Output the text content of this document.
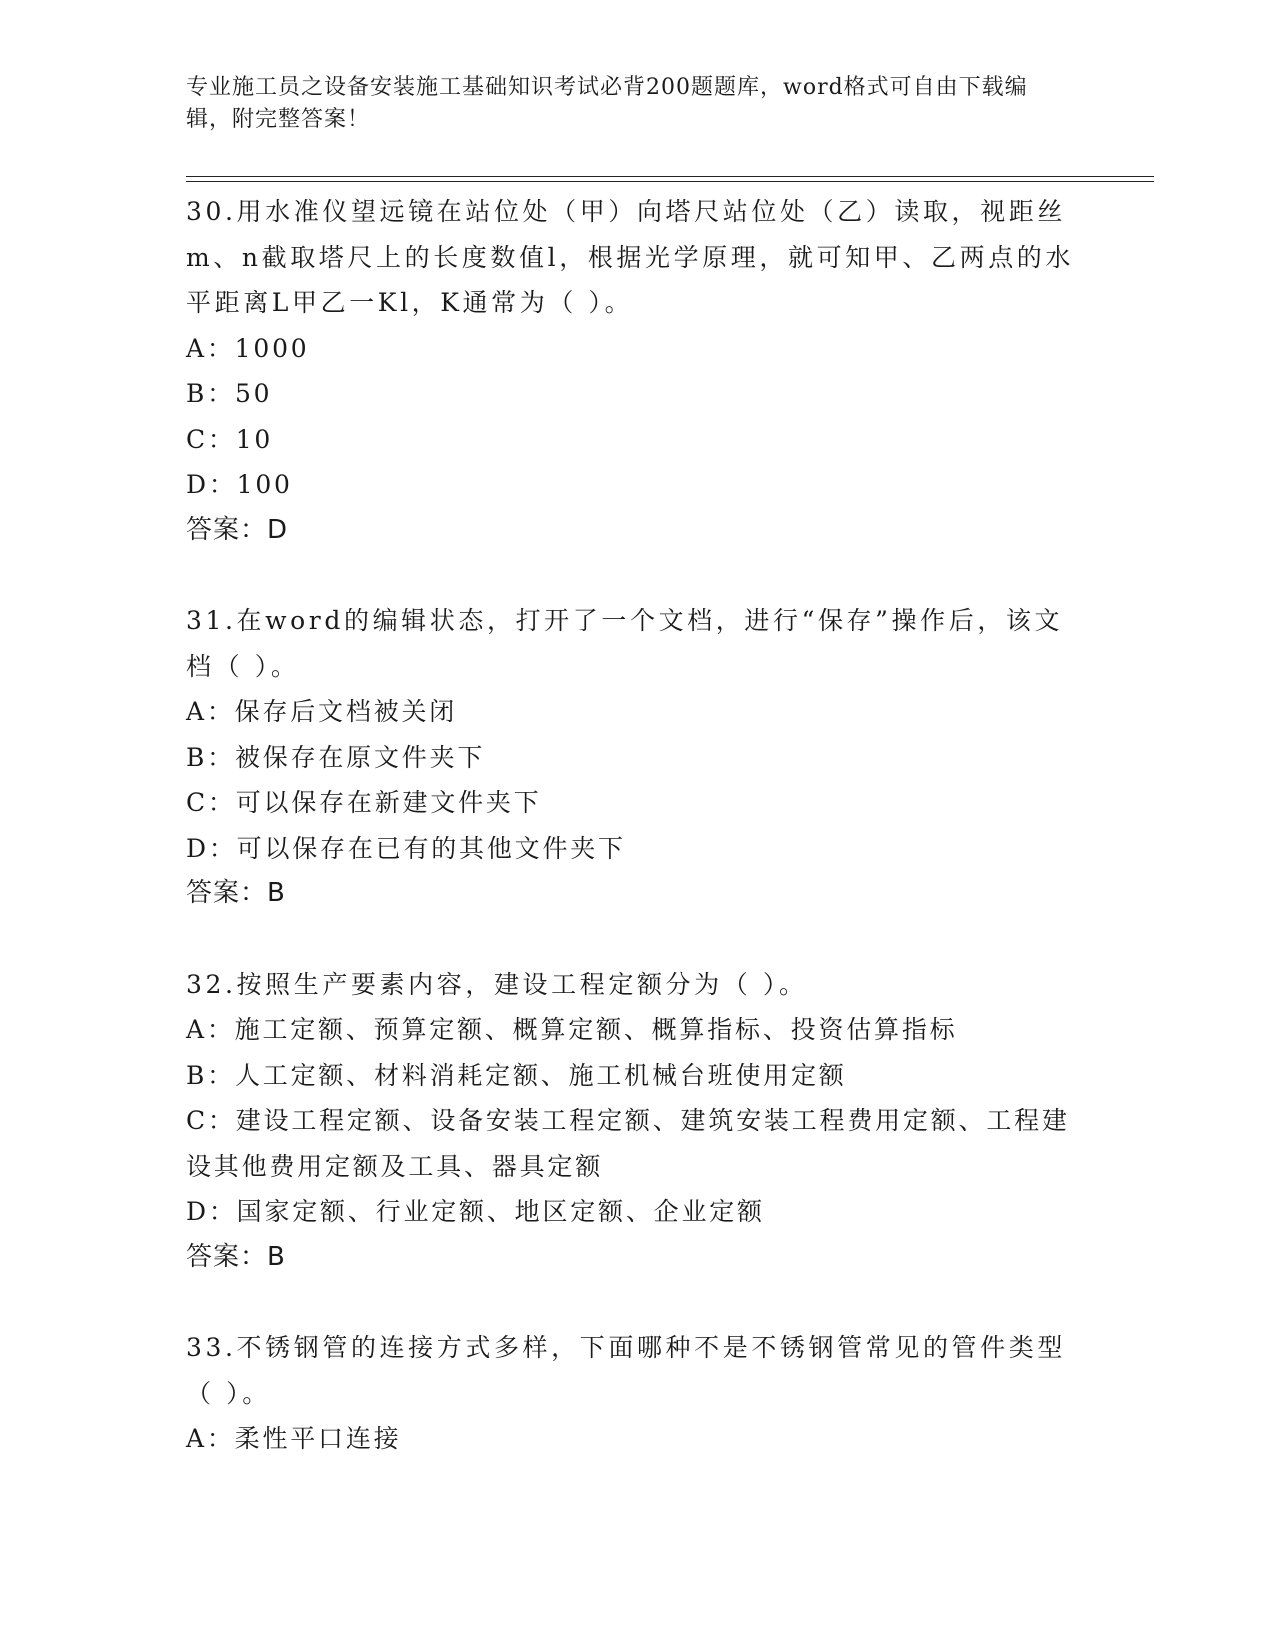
专业施工员之设备安装施工基础知识考试必背200题题库，word格式可自由下载编辑，附完整答案！

30.用水准仪望远镜在站位处（甲）向塔尺站位处（乙）读取，视距丝m、n截取塔尺上的长度数值l，根据光学原理，就可知甲、乙两点的水平距离L甲乙一Kl，K通常为（ ）。

A：1000

B：50

C：10

D：100

答案：D

31.在word的编辑状态，打开了一个文档，进行“保存”操作后，该文档（ ）。

A：保存后文档被关闭

B：被保存在原文件夹下

C：可以保存在新建文件夹下

D：可以保存在已有的其他文件夹下

答案：B

32.按照生产要素内容，建设工程定额分为（ ）。

A：施工定额、预算定额、概算定额、概算指标、投资估算指标

B：人工定额、材料消耗定额、施工机械台班使用定额

C：建设工程定额、设备安装工程定额、建筑安装工程费用定额、工程建设其他费用定额及工具、器具定额

D：国家定额、行业定额、地区定额、企业定额

答案：B

33.不锈钢管的连接方式多样，下面哪种不是不锈钢管常见的管件类型（ ）。

A：柔性平口连接
